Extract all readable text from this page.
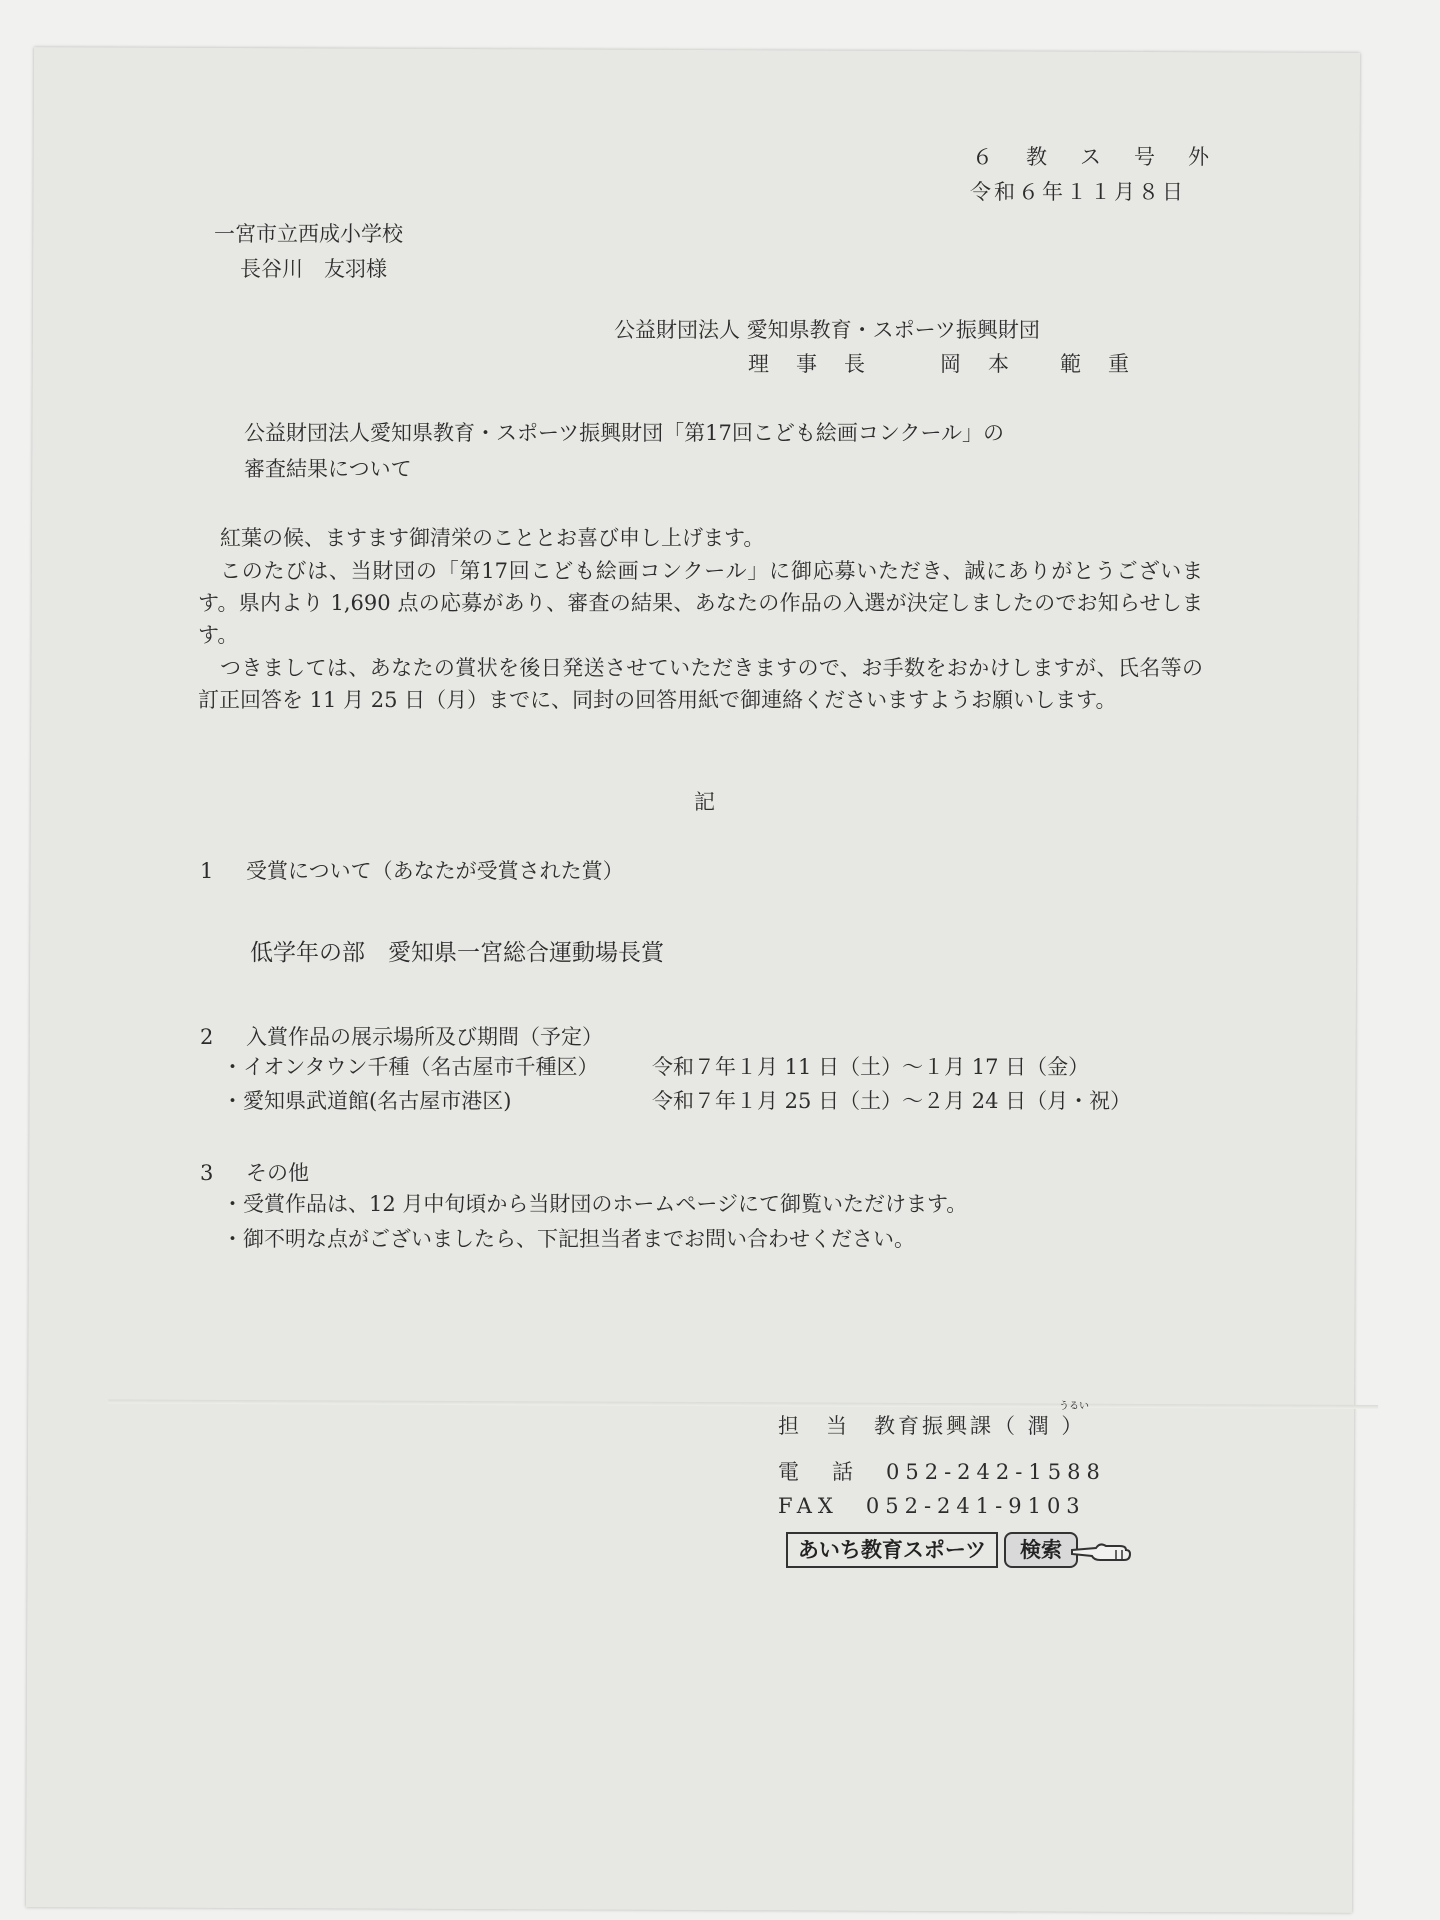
６　教　ス　号　外
令和６年１１月８日
一宮市立西成小学校
長谷川　友羽様
公益財団法人 愛知県教育・スポーツ振興財団
理　事　長　　　岡　本　　範　重
公益財団法人愛知県教育・スポーツ振興財団「第17回こども絵画コンクール」の
審査結果について
紅葉の候、ますます御清栄のこととお喜び申し上げます。
このたびは、当財団の「第17回こども絵画コンクール」に御応募いただき、誠にありがとうございます。県内より 1,690 点の応募があり、審査の結果、あなたの作品の入選が決定しましたのでお知らせします。
つきましては、あなたの賞状を後日発送させていただきますので、お手数をおかけしますが、氏名等の訂正回答を 11 月 25 日（月）までに、同封の回答用紙で御連絡くださいますようお願いします。
記
1 受賞について（あなたが受賞された賞）
低学年の部　愛知県一宮総合運動場長賞
2 入賞作品の展示場所及び期間（予定）
・イオンタウン千種（名古屋市千種区）	令和７年１月 11 日（土）～１月 17 日（金）
・愛知県武道館(名古屋市港区)	令和７年１月 25 日（土）～２月 24 日（月・祝）
3 その他
・受賞作品は、12 月中旬頃から当財団のホームページにて御覧いただけます。
・御不明な点がございましたら、下記担当者までお問い合わせください。
うるい
担　当　教育振興課（ 潤 ）
電　話　052-242-1588
FAX　052-241-9103
あいち教育スポーツ 検索
